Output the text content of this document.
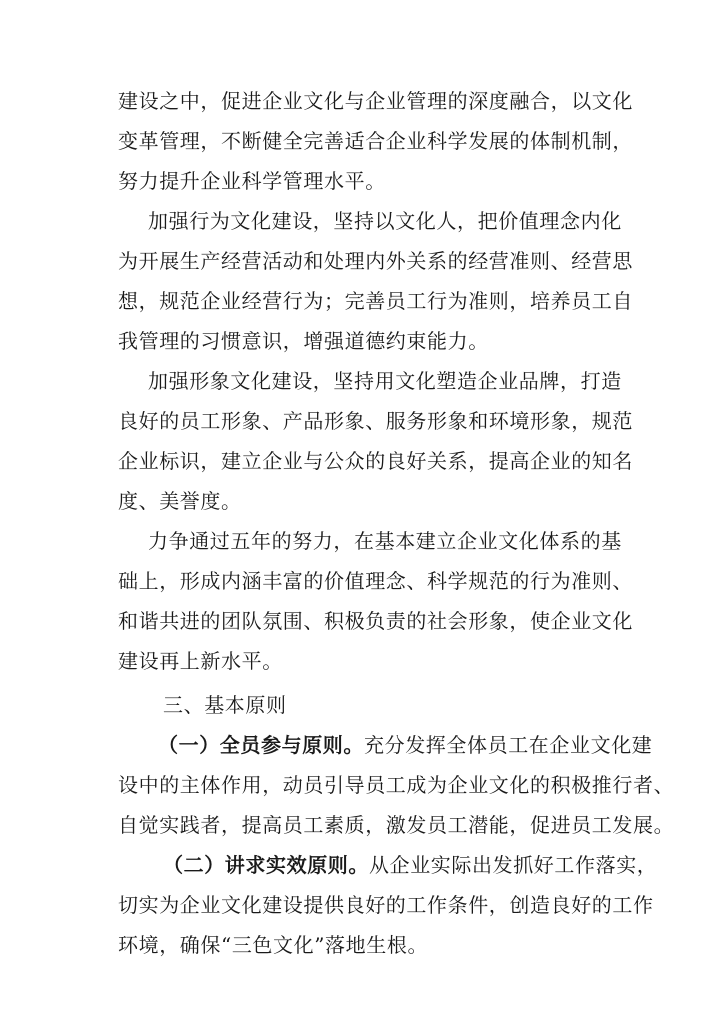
建设之中，促进企业文化与企业管理的深度融合，以文化
变革管理，不断健全完善适合企业科学发展的体制机制，
努力提升企业科学管理水平。
加强行为文化建设，坚持以文化人，把价值理念内化
为开展生产经营活动和处理内外关系的经营准则、经营思
想，规范企业经营行为；完善员工行为准则，培养员工自
我管理的习惯意识，增强道德约束能力。
加强形象文化建设，坚持用文化塑造企业品牌，打造
良好的员工形象、产品形象、服务形象和环境形象，规范
企业标识，建立企业与公众的良好关系，提高企业的知名
度、美誉度。
力争通过五年的努力，在基本建立企业文化体系的基
础上，形成内涵丰富的价值理念、科学规范的行为准则、
和谐共进的团队氛围、积极负责的社会形象，使企业文化
建设再上新水平。
三、基本原则
（一）全员参与原则。充分发挥全体员工在企业文化建
设中的主体作用，动员引导员工成为企业文化的积极推行者、
自觉实践者，提高员工素质，激发员工潜能，促进员工发展。
（二）讲求实效原则。从企业实际出发抓好工作落实，
切实为企业文化建设提供良好的工作条件，创造良好的工作
环境，确保“三色文化”落地生根。
